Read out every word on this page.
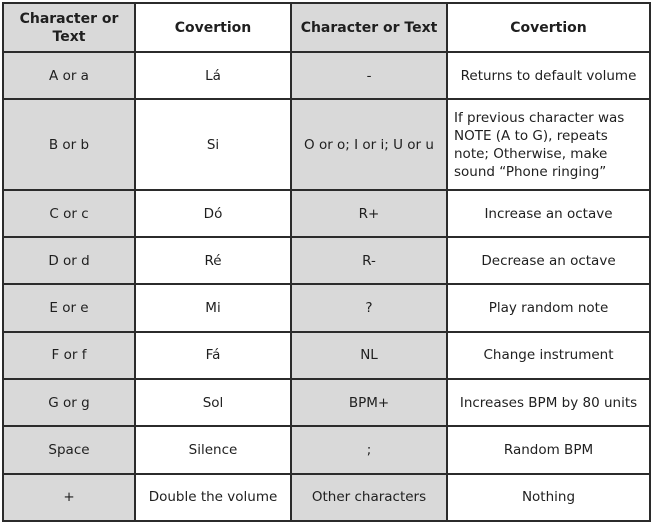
Character or Text	Covertion	Character or Text	Covertion
A or a	Lá	-	Returns to default volume
B or b	Si	O or o; I or i; U or u	If previous character was NOTE (A to G), repeats note; Otherwise, make sound “Phone ringing”
C or c	Dó	R+	Increase an octave
D or d	Ré	R-	Decrease an octave
E or e	Mi	?	Play random note
F or f	Fá	NL	Change instrument
G or g	Sol	BPM+	Increases BPM by 80 units
Space	Silence	;	Random BPM
+	Double the volume	Other characters	Nothing
